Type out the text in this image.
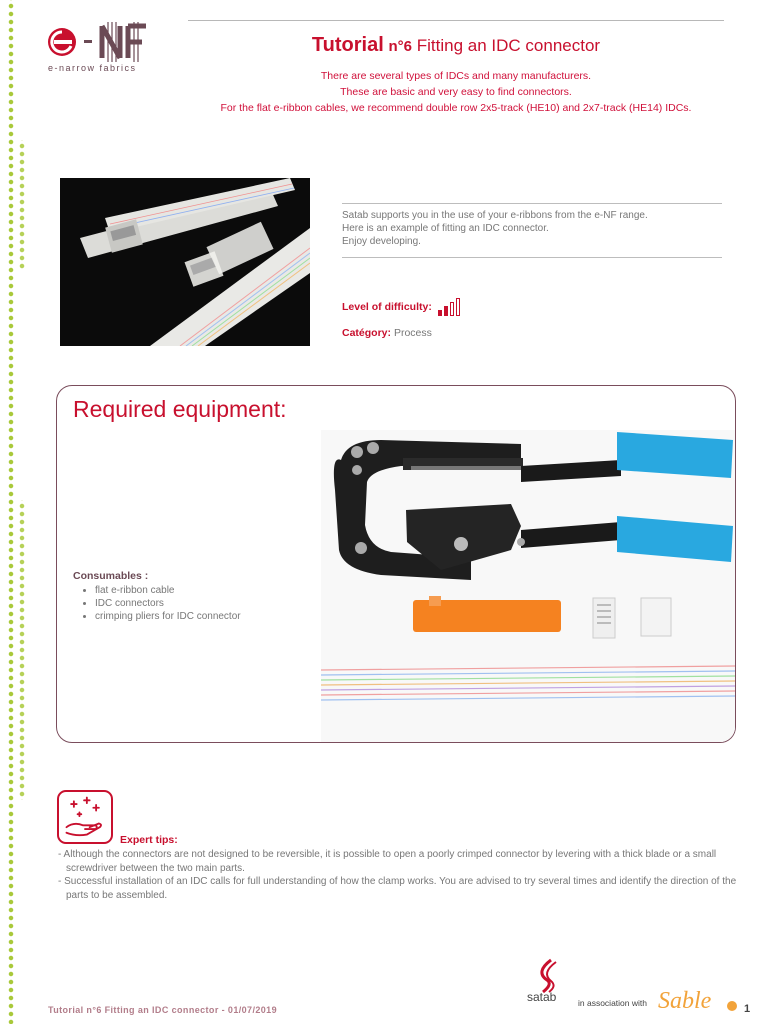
e-narrow fabrics
Tutorial n°6 Fitting an IDC connector

There are several types of IDCs and many manufacturers.

These are basic and very easy to find connectors.

For the flat e-ribbon cables, we recommend double row 2x5-track (HE10) and 2x7-track (HE14) IDCs.

Satab supports you in the use of your e-ribbons from the e-NF range.

Here is an example of fitting an IDC connector.

Enjoy developing.

Level of difficulty:
Catégory: Process
Required equipment:
Consumables :
• flat e-ribbon cable
• IDC connectors
• crimping pliers for IDC connector
Expert tips:

- Although the connectors are not designed to be reversible, it is possible to open a poorly crimped connector by levering with a thick blade or a small screwdriver between the two main parts.

- Successful installation of an IDC calls for full understanding of how the clamp works. You are advised to try several times and identify the direction of the parts to be assembled.

Tutorial n°6 Fitting an IDC connector - 01/07/2019
satab	in association with Sable	1
